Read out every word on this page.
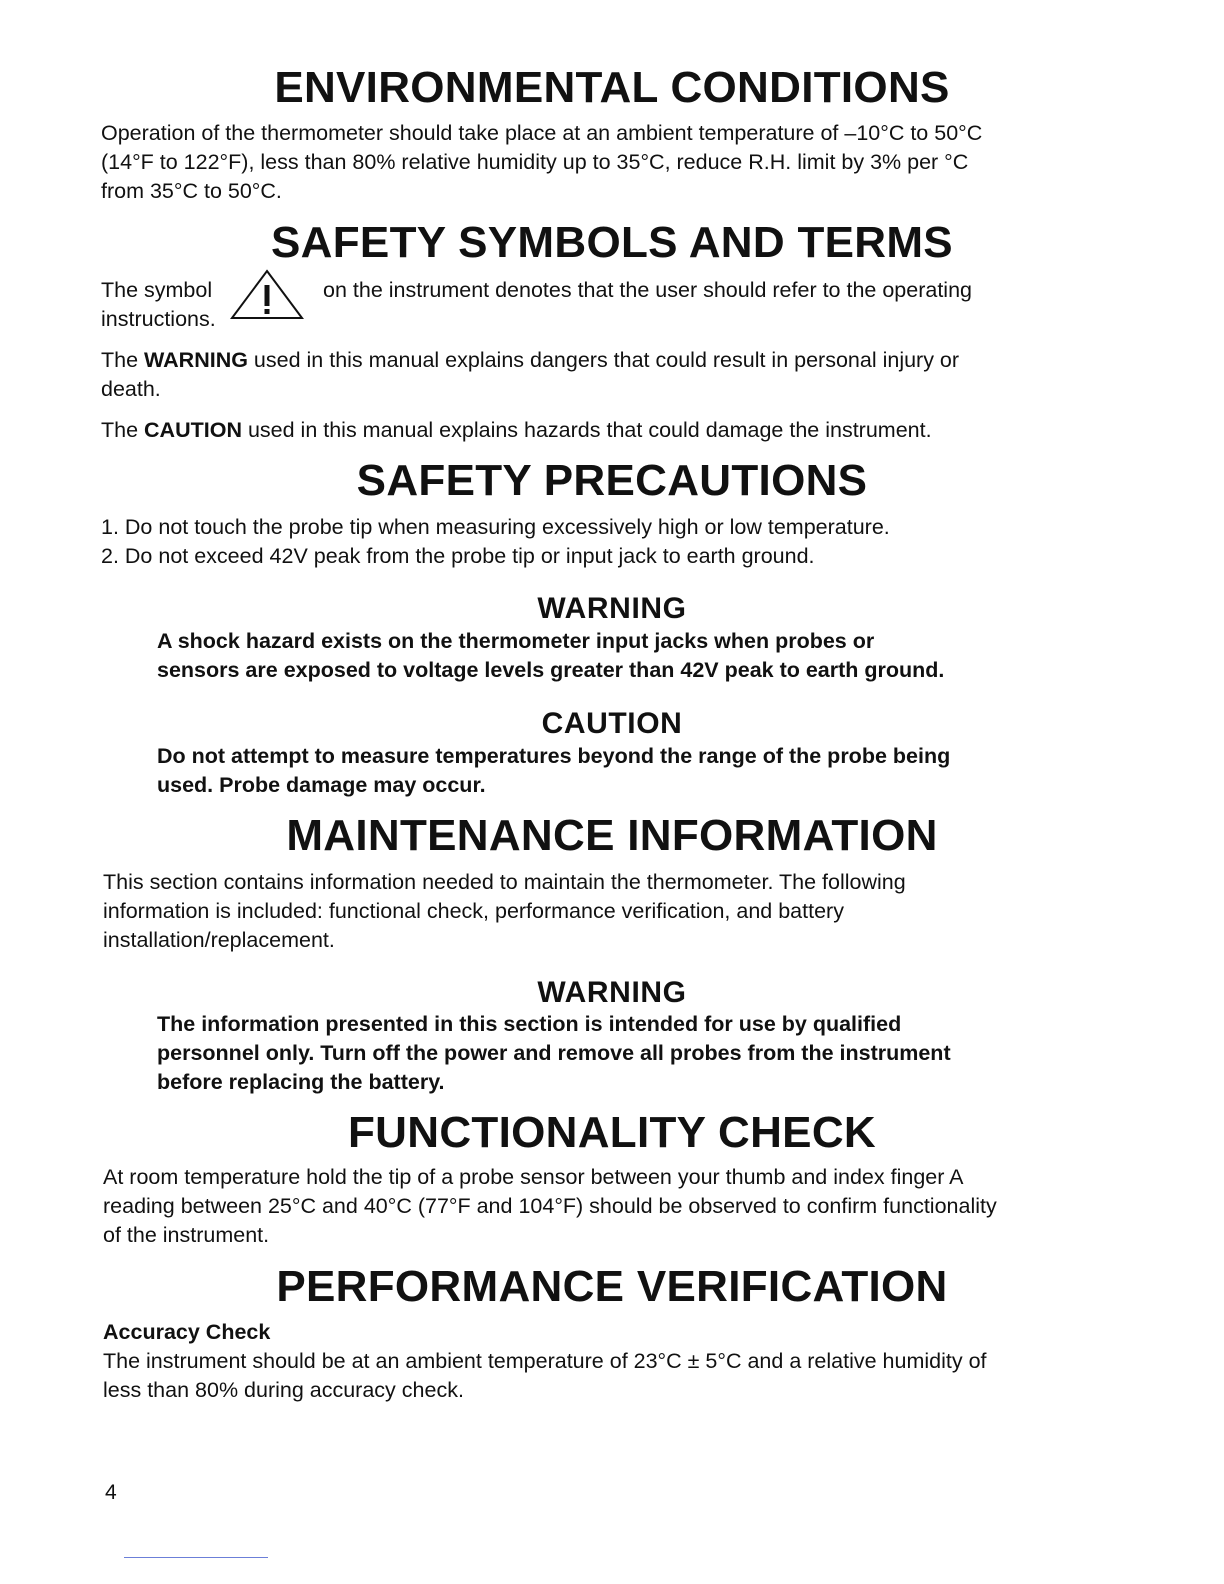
ENVIRONMENTAL CONDITIONS

Operation of the thermometer should take place at an ambient temperature of –10°C to 50°C

(14°F to 122°F), less than 80% relative humidity up to 35°C, reduce R.H. limit by 3% per °C

from 35°C to 50°C.

SAFETY SYMBOLS AND TERMS
The symbol	on the instrument denotes that the user should refer to the operating
instructions.

The WARNING used in this manual explains dangers that could result in personal injury or

death.

The CAUTION used in this manual explains hazards that could damage the instrument.

SAFETY PRECAUTIONS

1. Do not touch the probe tip when measuring excessively high or low temperature.

2. Do not exceed 42V peak from the probe tip or input jack to earth ground.

WARNING

A shock hazard exists on the thermometer input jacks when probes or

sensors are exposed to voltage levels greater than 42V peak to earth ground.

CAUTION

Do not attempt to measure temperatures beyond the range of the probe being

used. Probe damage may occur.

MAINTENANCE INFORMATION

This section contains information needed to maintain the thermometer. The following

information is included: functional check, performance verification, and battery

installation/replacement.

WARNING

The information presented in this section is intended for use by qualified

personnel only. Turn off the power and remove all probes from the instrument

before replacing the battery.

FUNCTIONALITY CHECK

At room temperature hold the tip of a probe sensor between your thumb and index finger A

reading between 25°C and 40°C (77°F and 104°F) should be observed to confirm functionality

of the instrument.

PERFORMANCE VERIFICATION

Accuracy Check

The instrument should be at an ambient temperature of 23°C ± 5°C and a relative humidity of

less than 80% during accuracy check.

4
